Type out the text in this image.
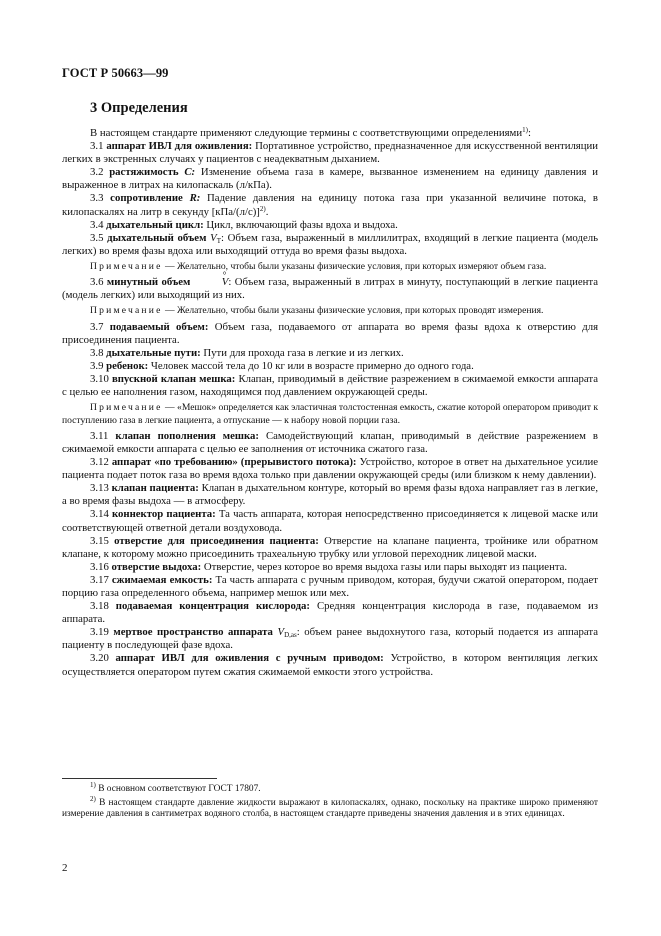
ГОСТ Р 50663—99
3 Определения

В настоящем стандарте применяют следующие термины с соответствующими определениями$^{1)}$:

3.1 аппарат ИВЛ для оживления: Портативное устройство, предназначенное для искусственной вентиляции легких в экстренных случаях у пациентов с неадекватным дыханием.

3.2 растяжимость С: Изменение объема газа в камере, вызванное изменением на единицу давления и выраженное в литрах на килопаскаль (л/кПа).

3.3 сопротивление R: Падение давления на единицу потока газа при указанной величине потока, в килопаскалях на литр в секунду $[кПа/(л/с)]^{2)}$.

3.4 дыхательный цикл: Цикл, включающий фазы вдоха и выдоха.

3.5 дыхательный объем $V_T$: Объем газа, выраженный в миллилитрах, входящий в легкие пациента (модель легких) во время фазы вдоха или выходящий оттуда во время фазы выдоха.

Примечание — Желательно, чтобы были указаны физические условия, при которых измеряют объем газа.

3.6 минутный объем °	V: Объем газа, выраженный в литрах в минуту, поступающий в легкие пациента (модель легких) или выходящий из них.

Примечание — Желательно, чтобы были указаны физические условия, при которых проводят измерения.

3.7 подаваемый объем: Объем газа, подаваемого от аппарата во время фазы вдоха к отверстию для присоединения пациента.

3.8 дыхательные пути: Пути для прохода газа в легкие и из легких.

3.9 ребенок: Человек массой тела до 10 кг или в возрасте примерно до одного года.

3.10 впускной клапан мешка: Клапан, приводимый в действие разрежением в сжимаемой емкости аппарата с целью ее наполнения газом, находящимся под давлением окружающей среды.

Примечание — «Мешок» определяется как эластичная толстостенная емкость, сжатие которой оператором приводит к поступлению газа в легкие пациента, а отпускание — к набору новой порции газа.

3.11 клапан пополнения мешка: Самодействующий клапан, приводимый в действие разрежением в сжимаемой емкости аппарата с целью ее заполнения от источника сжатого газа.

3.12 аппарат «по требованию» (прерывистого потока): Устройство, которое в ответ на дыхательное усилие пациента подает поток газа во время вдоха только при давлении окружающей среды (или близком к нему давлении).

3.13 клапан пациента: Клапан в дыхательном контуре, который во время фазы вдоха направляет газ в легкие, а во время фазы выдоха — в атмосферу.

3.14 коннектор пациента: Та часть аппарата, которая непосредственно присоединяется к лицевой маске или соответствующей ответной детали воздуховода.

3.15 отверстие для присоединения пациента: Отверстие на клапане пациента, тройнике или обратном клапане, к которому можно присоединить трахеальную трубку или угловой переходник лицевой маски.

3.16 отверстие выдоха: Отверстие, через которое во время выдоха газы или пары выходят из пациента.

3.17 сжимаемая емкость: Та часть аппарата с ручным приводом, которая, будучи сжатой оператором, подает порцию газа определенного объема, например мешок или мех.

3.18 подаваемая концентрация кислорода: Средняя концентрация кислорода в газе, подаваемом из аппарата.

3.19 мертвое пространство аппарата $V_{D,as}$: объем ранее выдохнутого газа, который подается из аппарата пациенту в последующей фазе вдоха.

3.20 аппарат ИВЛ для оживления с ручным приводом: Устройство, в котором вентиляция легких осуществляется оператором путем сжатия сжимаемой емкости этого устройства.

$^{1)}$ В основном соответствуют ГОСТ 17807.

$^{2)}$ В настоящем стандарте давление жидкости выражают в килопаскалях, однако, поскольку на практике широко применяют измерение давления в сантиметрах водяного столба, в настоящем стандарте приведены значения давления и в этих единицах.

2
